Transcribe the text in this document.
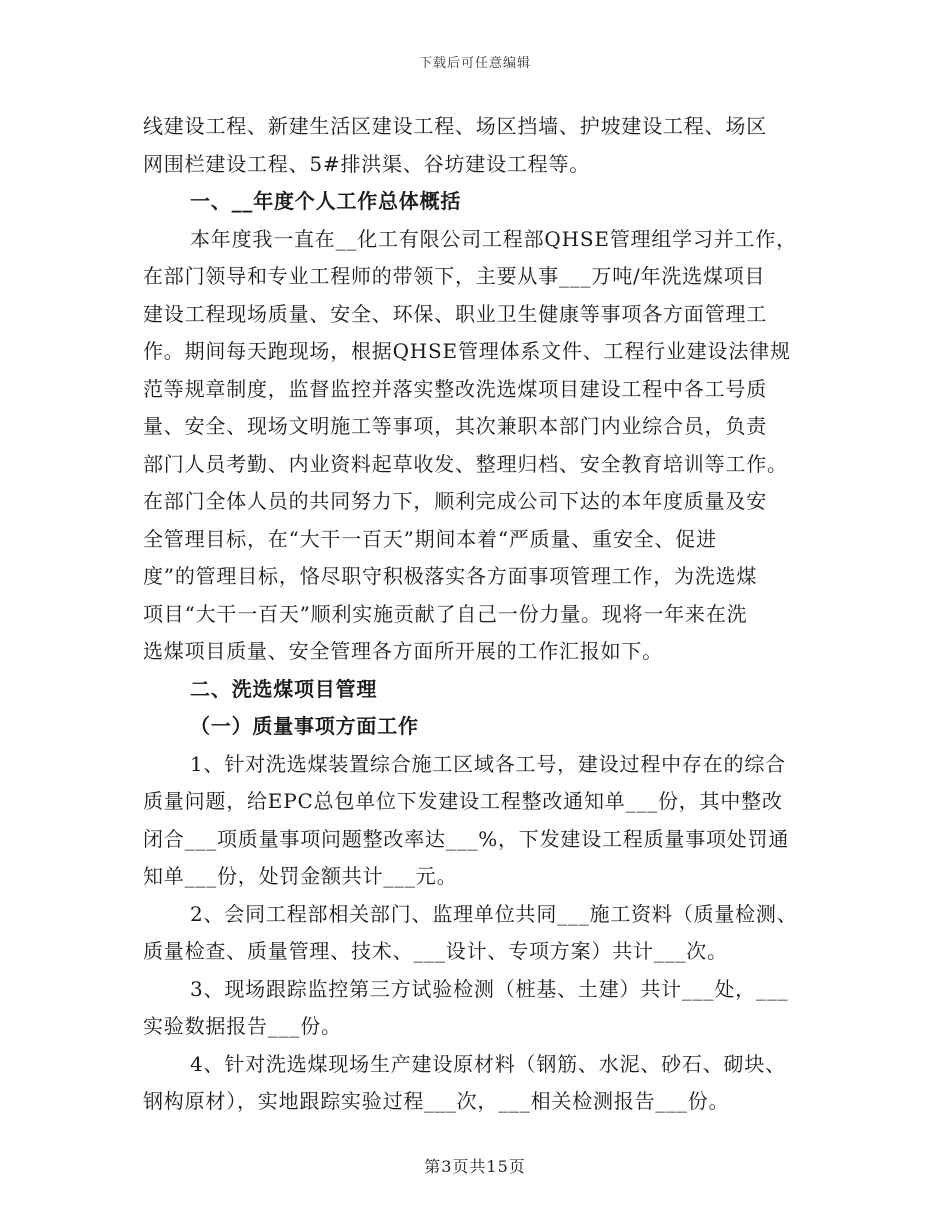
下载后可任意编辑
线建设工程、新建生活区建设工程、场区挡墙、护坡建设工程、场区
网围栏建设工程、5#排洪渠、谷坊建设工程等。
一、__年度个人工作总体概括
本年度我一直在__化工有限公司工程部QHSE管理组学习并工作，
在部门领导和专业工程师的带领下，主要从事___万吨/年洗选煤项目
建设工程现场质量、安全、环保、职业卫生健康等事项各方面管理工
作。期间每天跑现场，根据QHSE管理体系文件、工程行业建设法律规
范等规章制度，监督监控并落实整改洗选煤项目建设工程中各工号质
量、安全、现场文明施工等事项，其次兼职本部门内业综合员，负责
部门人员考勤、内业资料起草收发、整理归档、安全教育培训等工作。
在部门全体人员的共同努力下，顺利完成公司下达的本年度质量及安
全管理目标，在“大干一百天”期间本着“严质量、重安全、促进
度”的管理目标，恪尽职守积极落实各方面事项管理工作，为洗选煤
项目“大干一百天”顺利实施贡献了自己一份力量。现将一年来在洗
选煤项目质量、安全管理各方面所开展的工作汇报如下。
二、洗选煤项目管理
（一）质量事项方面工作
1、针对洗选煤装置综合施工区域各工号，建设过程中存在的综合
质量问题，给EPC总包单位下发建设工程整改通知单___份，其中整改
闭合___项质量事项问题整改率达___%，下发建设工程质量事项处罚通
知单___份，处罚金额共计___元。
2、会同工程部相关部门、监理单位共同___施工资料（质量检测、
质量检查、质量管理、技术、___设计、专项方案）共计___次。
3、现场跟踪监控第三方试验检测（桩基、土建）共计___处，___
实验数据报告___份。
4、针对洗选煤现场生产建设原材料（钢筋、水泥、砂石、砌块、
钢构原材），实地跟踪实验过程___次，___相关检测报告___份。
第3页共15页
